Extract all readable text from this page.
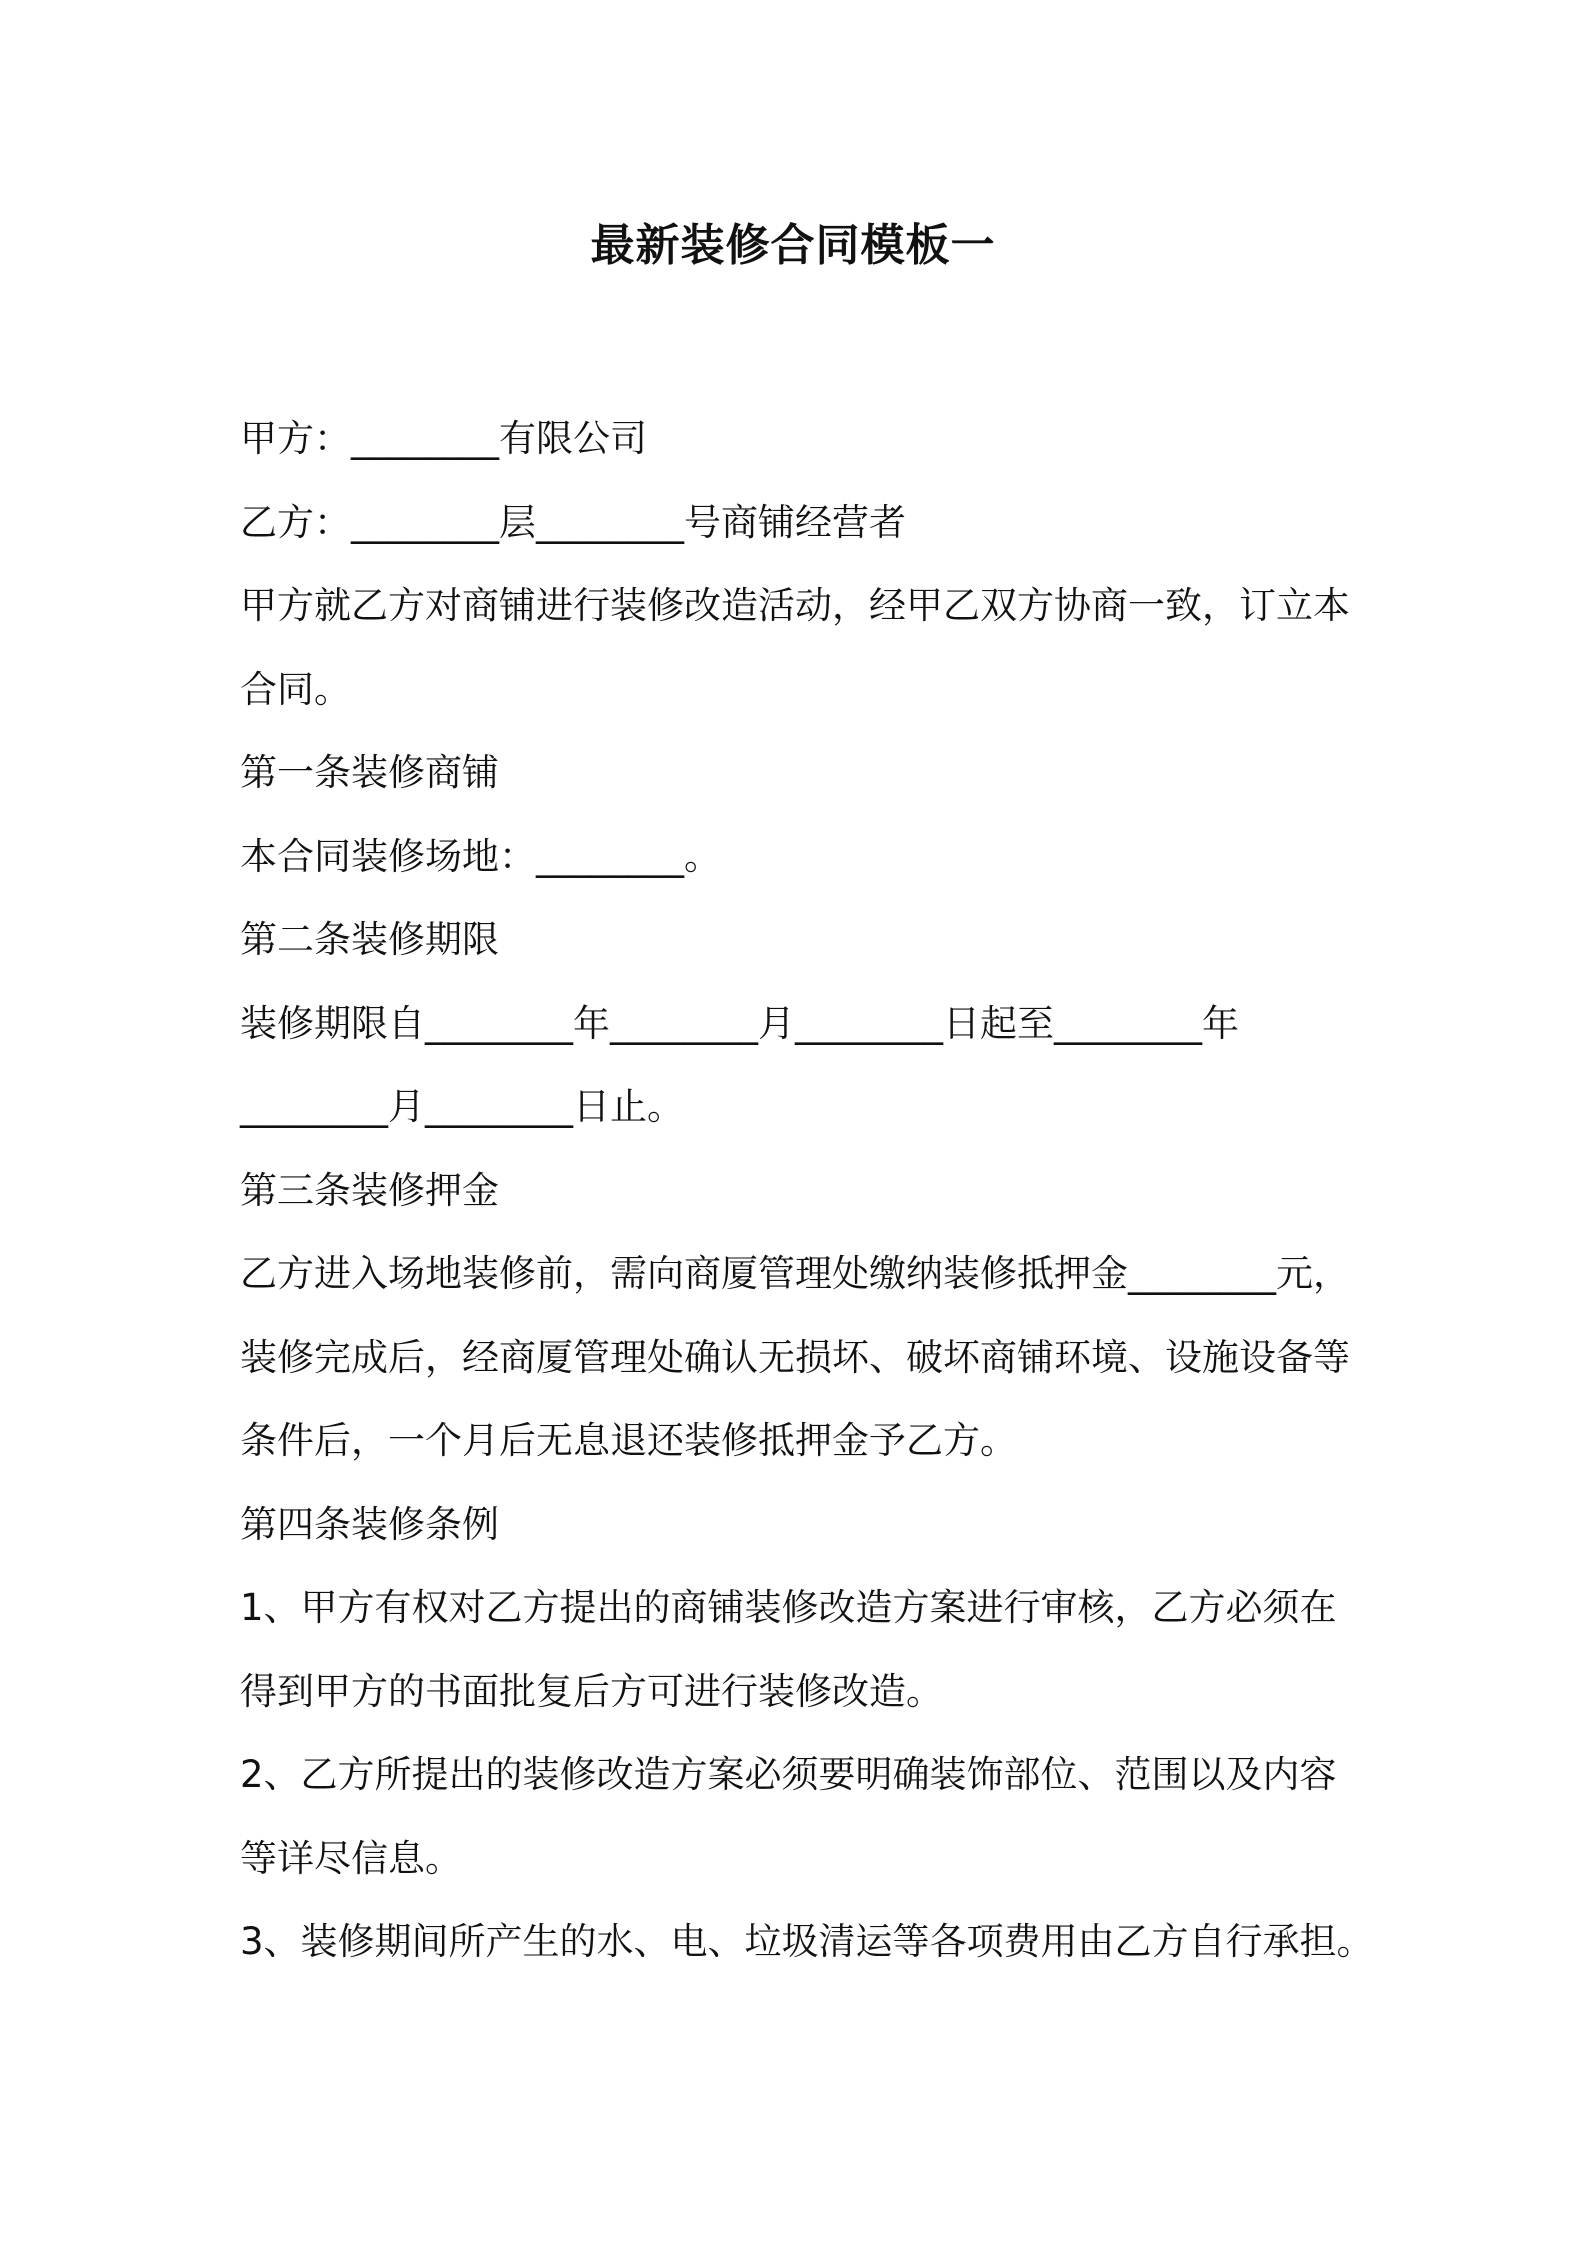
最新装修合同模板一
甲方：________有限公司
乙方：________层________号商铺经营者
甲方就乙方对商铺进行装修改造活动，经甲乙双方协商一致，订立本
合同。
第一条装修商铺
本合同装修场地：________。
第二条装修期限
装修期限自________年________月________日起至________年
________月________日止。
第三条装修押金
乙方进入场地装修前，需向商厦管理处缴纳装修抵押金________元，
装修完成后，经商厦管理处确认无损坏、破坏商铺环境、设施设备等
条件后，一个月后无息退还装修抵押金予乙方。
第四条装修条例
1、甲方有权对乙方提出的商铺装修改造方案进行审核，乙方必须在
得到甲方的书面批复后方可进行装修改造。
2、乙方所提出的装修改造方案必须要明确装饰部位、范围以及内容
等详尽信息。
3、装修期间所产生的水、电、垃圾清运等各项费用由乙方自行承担。
